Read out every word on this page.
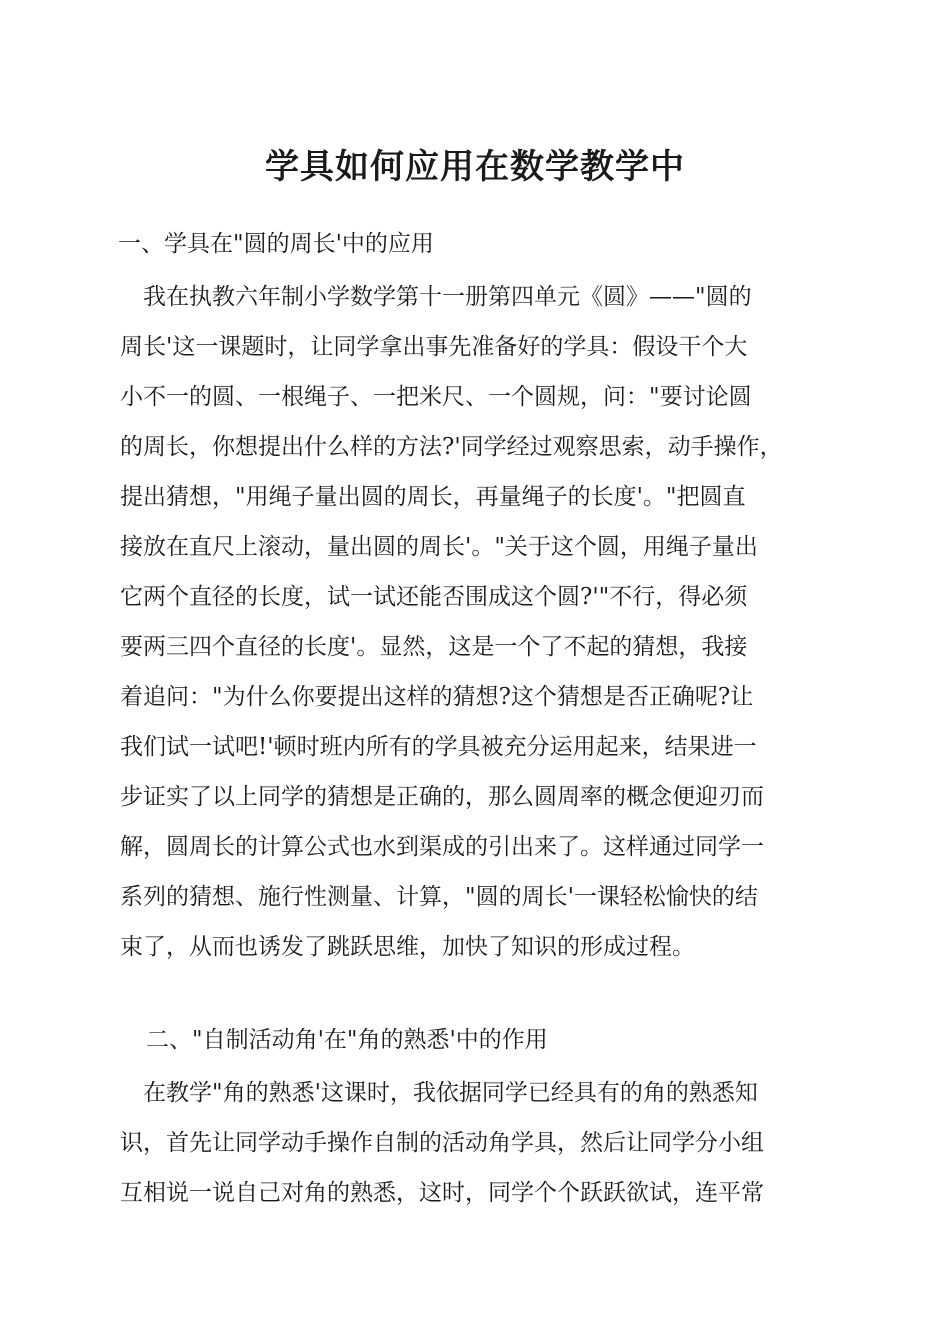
学具如何应用在数学教学中
一、学具在"圆的周长'中的应用
　我在执教六年制小学数学第十一册第四单元《圆》——"圆的
周长'这一课题时，让同学拿出事先准备好的学具：假设干个大
小不一的圆、一根绳子、一把米尺、一个圆规，问："要讨论圆
的周长，你想提出什么样的方法?'同学经过观察思索，动手操作，
提出猜想，"用绳子量出圆的周长，再量绳子的长度'。"把圆直
接放在直尺上滚动，量出圆的周长'。"关于这个圆，用绳子量出
它两个直径的长度，试一试还能否围成这个圆?'"不行，得必须
要两三四个直径的长度'。显然，这是一个了不起的猜想，我接
着追问："为什么你要提出这样的猜想?这个猜想是否正确呢?让
我们试一试吧!'顿时班内所有的学具被充分运用起来，结果进一
步证实了以上同学的猜想是正确的，那么圆周率的概念便迎刃而
解，圆周长的计算公式也水到渠成的引出来了。这样通过同学一
系列的猜想、施行性测量、计算，"圆的周长'一课轻松愉快的结
束了，从而也诱发了跳跃思维，加快了知识的形成过程。
二、"自制活动角'在"角的熟悉'中的作用
　在教学"角的熟悉'这课时，我依据同学已经具有的角的熟悉知
识，首先让同学动手操作自制的活动角学具，然后让同学分小组
互相说一说自己对角的熟悉，这时，同学个个跃跃欲试，连平常
